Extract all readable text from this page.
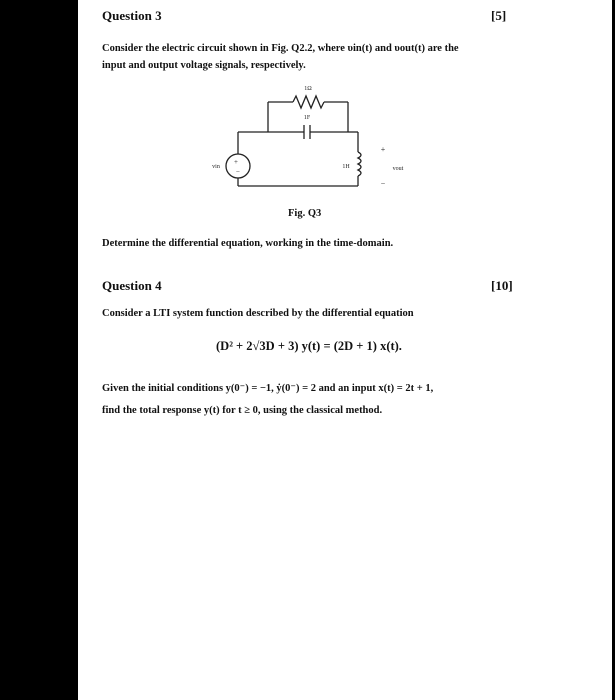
Question 3	[5]
Consider the electric circuit shown in Fig. Q2.2, where υin(t) and υout(t) are the
input and output voltage signals, respectively.
1Ω
1F
1H
vin	vout
+
−
+
−
Fig. Q3
Determine the differential equation, working in the time-domain.
Question 4	[10]
Consider a LTI system function described by the differential equation
(D² + 2√3D + 3) y(t) = (2D + 1) x(t).
Given the initial conditions y(0⁻) = −1, ẏ(0⁻) = 2 and an input x(t) = 2t + 1,
find the total response y(t) for t ≥ 0, using the classical method.
